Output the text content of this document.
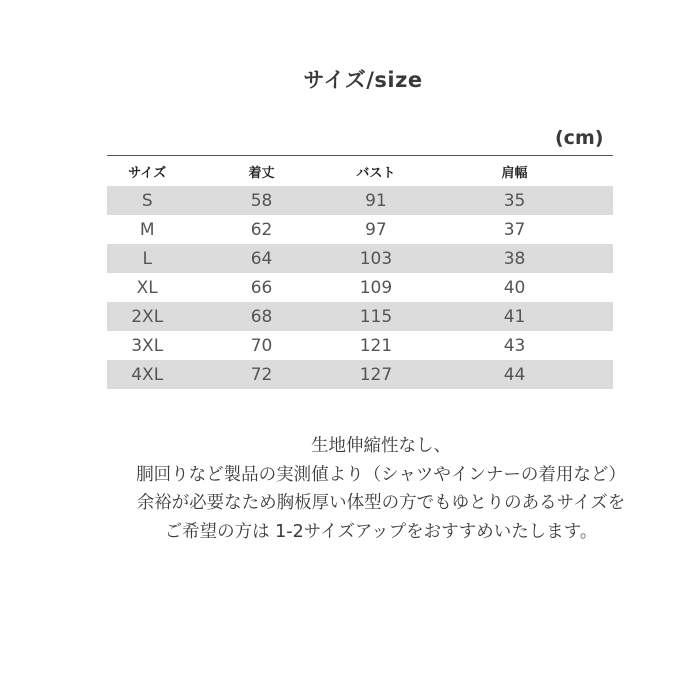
サイズ/size
(cm)
サイズ	着丈	バスト	肩幅
S	58	91	35
M	62	97	37
L	64	103	38
XL	66	109	40
2XL	68	115	41
3XL	70	121	43
4XL	72	127	44
生地伸縮性なし、
胴回りなど製品の実測値より（シャツやインナーの着用など）
余裕が必要なため胸板厚い体型の方でもゆとりのあるサイズを
ご希望の方は 1-2サイズアップをおすすめいたします。
